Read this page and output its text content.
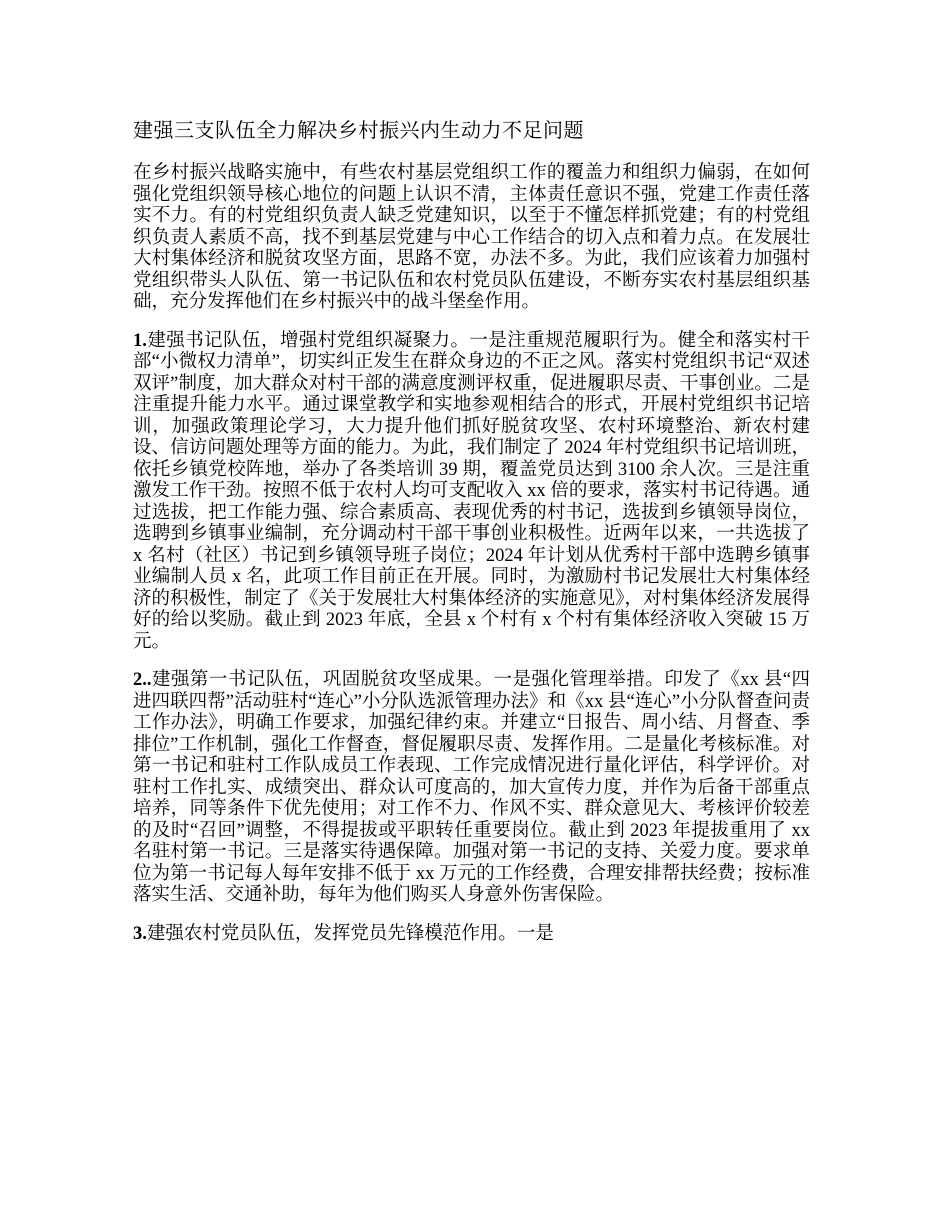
建强三支队伍全力解决乡村振兴内生动力不足问题

在乡村振兴战略实施中，有些农村基层党组织工作的覆盖力和组织力偏弱，在如何强化党组织领导核心地位的问题上认识不清，主体责任意识不强，党建工作责任落实不力。有的村党组织负责人缺乏党建知识，以至于不懂怎样抓党建；有的村党组织负责人素质不高，找不到基层党建与中心工作结合的切入点和着力点。在发展壮大村集体经济和脱贫攻坚方面，思路不宽，办法不多。为此，我们应该着力加强村党组织带头人队伍、第一书记队伍和农村党员队伍建设，不断夯实农村基层组织基础，充分发挥他们在乡村振兴中的战斗堡垒作用。

1.建强书记队伍，增强村党组织凝聚力。一是注重规范履职行为。健全和落实村干部“小微权力清单”，切实纠正发生在群众身边的不正之风。落实村党组织书记“双述双评”制度，加大群众对村干部的满意度测评权重，促进履职尽责、干事创业。二是注重提升能力水平。通过课堂教学和实地参观相结合的形式，开展村党组织书记培训，加强政策理论学习，大力提升他们抓好脱贫攻坚、农村环境整治、新农村建设、信访问题处理等方面的能力。为此，我们制定了 2024 年村党组织书记培训班，依托乡镇党校阵地，举办了各类培训 39 期，覆盖党员达到 3100 余人次。三是注重激发工作干劲。按照不低于农村人均可支配收入 xx 倍的要求，落实村书记待遇。通过选拔，把工作能力强、综合素质高、表现优秀的村书记，选拔到乡镇领导岗位，选聘到乡镇事业编制，充分调动村干部干事创业积极性。近两年以来，一共选拔了 x 名村（社区）书记到乡镇领导班子岗位；2024 年计划从优秀村干部中选聘乡镇事业编制人员 x 名，此项工作目前正在开展。同时，为激励村书记发展壮大村集体经济的积极性，制定了《关于发展壮大村集体经济的实施意见》，对村集体经济发展得好的给以奖励。截止到 2023 年底，全县 x 个村有 x 个村有集体经济收入突破 15 万元。

2..建强第一书记队伍，巩固脱贫攻坚成果。一是强化管理举措。印发了《xx 县“四进四联四帮”活动驻村“连心”小分队选派管理办法》和《xx 县“连心”小分队督查问责工作办法》，明确工作要求，加强纪律约束。并建立“日报告、周小结、月督查、季排位”工作机制，强化工作督查，督促履职尽责、发挥作用。二是量化考核标准。对第一书记和驻村工作队成员工作表现、工作完成情况进行量化评估，科学评价。对驻村工作扎实、成绩突出、群众认可度高的，加大宣传力度，并作为后备干部重点培养，同等条件下优先使用；对工作不力、作风不实、群众意见大、考核评价较差的及时“召回”调整，不得提拔或平职转任重要岗位。截止到 2023 年提拔重用了 xx 名驻村第一书记。三是落实待遇保障。加强对第一书记的支持、关爱力度。要求单位为第一书记每人每年安排不低于 xx 万元的工作经费，合理安排帮扶经费；按标准落实生活、交通补助，每年为他们购买人身意外伤害保险。

3.建强农村党员队伍，发挥党员先锋模范作用。一是
